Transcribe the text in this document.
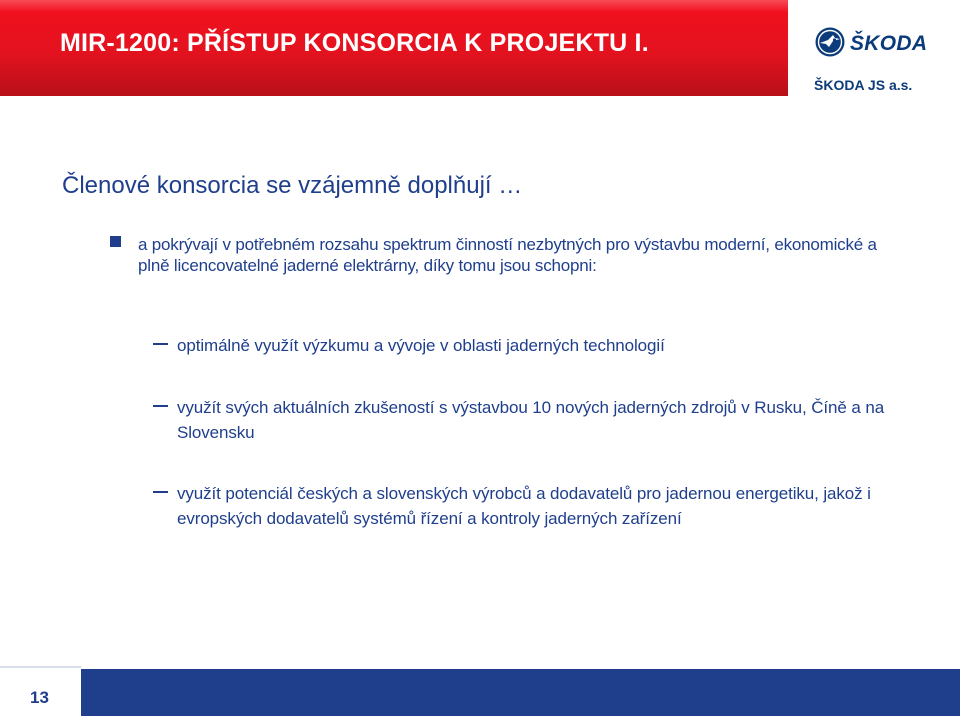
MIR-1200: PŘÍSTUP KONSORCIA K PROJEKTU I.	ŠKODA
ŠKODA JS a.s.
Členové konsorcia se vzájemně doplňují …
a pokrývají v potřebném rozsahu spektrum činností nezbytných pro výstavbu moderní, ekonomické a plně licencovatelné jaderné elektrárny, díky tomu jsou schopni:
optimálně využít výzkumu a vývoje v oblasti jaderných technologií
využít svých aktuálních zkušeností s výstavbou 10 nových jaderných zdrojů v Rusku, Číně a na Slovensku
využít potenciál českých a slovenských výrobců a dodavatelů pro jadernou energetiku, jakož i evropských dodavatelů systémů řízení a kontroly jaderných zařízení
13
